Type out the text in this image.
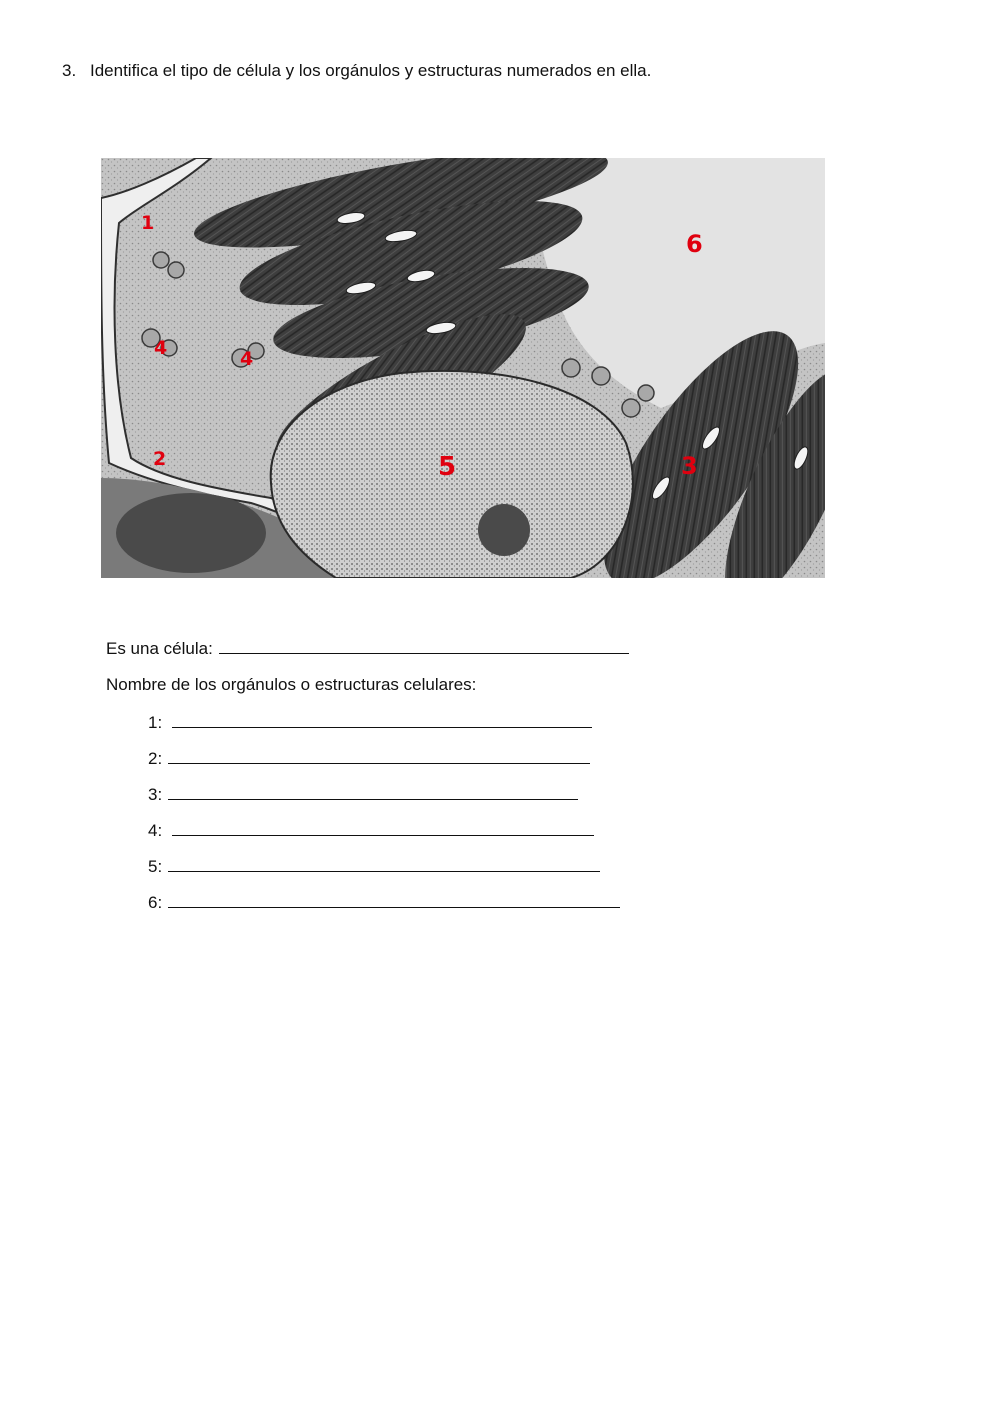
3. Identifica el tipo de célula y los orgánulos y estructuras numerados en ella.
1
2	3
4	4
5
6
Es una célula:
Nombre de los orgánulos o estructuras celulares:
1:
2:
3:
4:
5:
6:
